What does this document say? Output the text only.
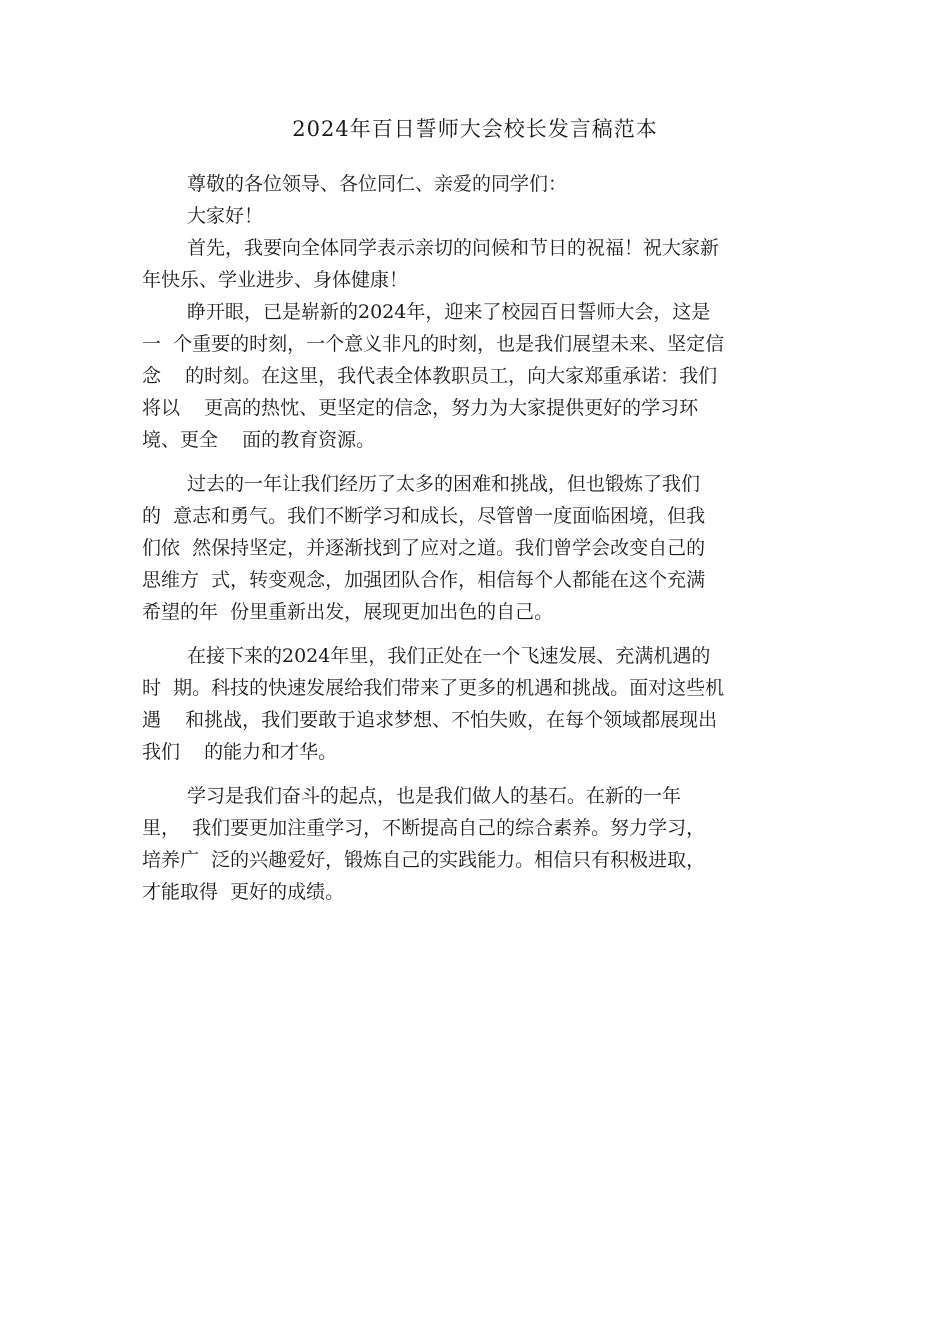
2024年百日誓师大会校长发言稿范本

尊敬的各位领导、各位同仁、亲爱的同学们：

大家好！

首先，我要向全体同学表示亲切的问候和节日的祝福！祝大家新
年快乐、学业进步、身体健康！

睁开眼，已是崭新的2024年，迎来了校园百日誓师大会，这是
一  个重要的时刻，一个意义非凡的时刻，也是我们展望未来、坚定信
念    的时刻。在这里，我代表全体教职员工，向大家郑重承诺：我们
将以    更高的热忱、更坚定的信念，努力为大家提供更好的学习环
境、更全    面的教育资源。

过去的一年让我们经历了太多的困难和挑战，但也锻炼了我们
的  意志和勇气。我们不断学习和成长，尽管曾一度面临困境，但我
们依  然保持坚定，并逐渐找到了应对之道。我们曾学会改变自己的
思维方  式，转变观念，加强团队合作，相信每个人都能在这个充满
希望的年  份里重新出发，展现更加出色的自己。

在接下来的2024年里，我们正处在一个飞速发展、充满机遇的
时  期。科技的快速发展给我们带来了更多的机遇和挑战。面对这些机
遇    和挑战，我们要敢于追求梦想、不怕失败，在每个领域都展现出
我们    的能力和才华。

学习是我们奋斗的起点，也是我们做人的基石。在新的一年
里，  我们要更加注重学习，不断提高自己的综合素养。努力学习，
培养广  泛的兴趣爱好，锻炼自己的实践能力。相信只有积极进取，
才能取得  更好的成绩。
